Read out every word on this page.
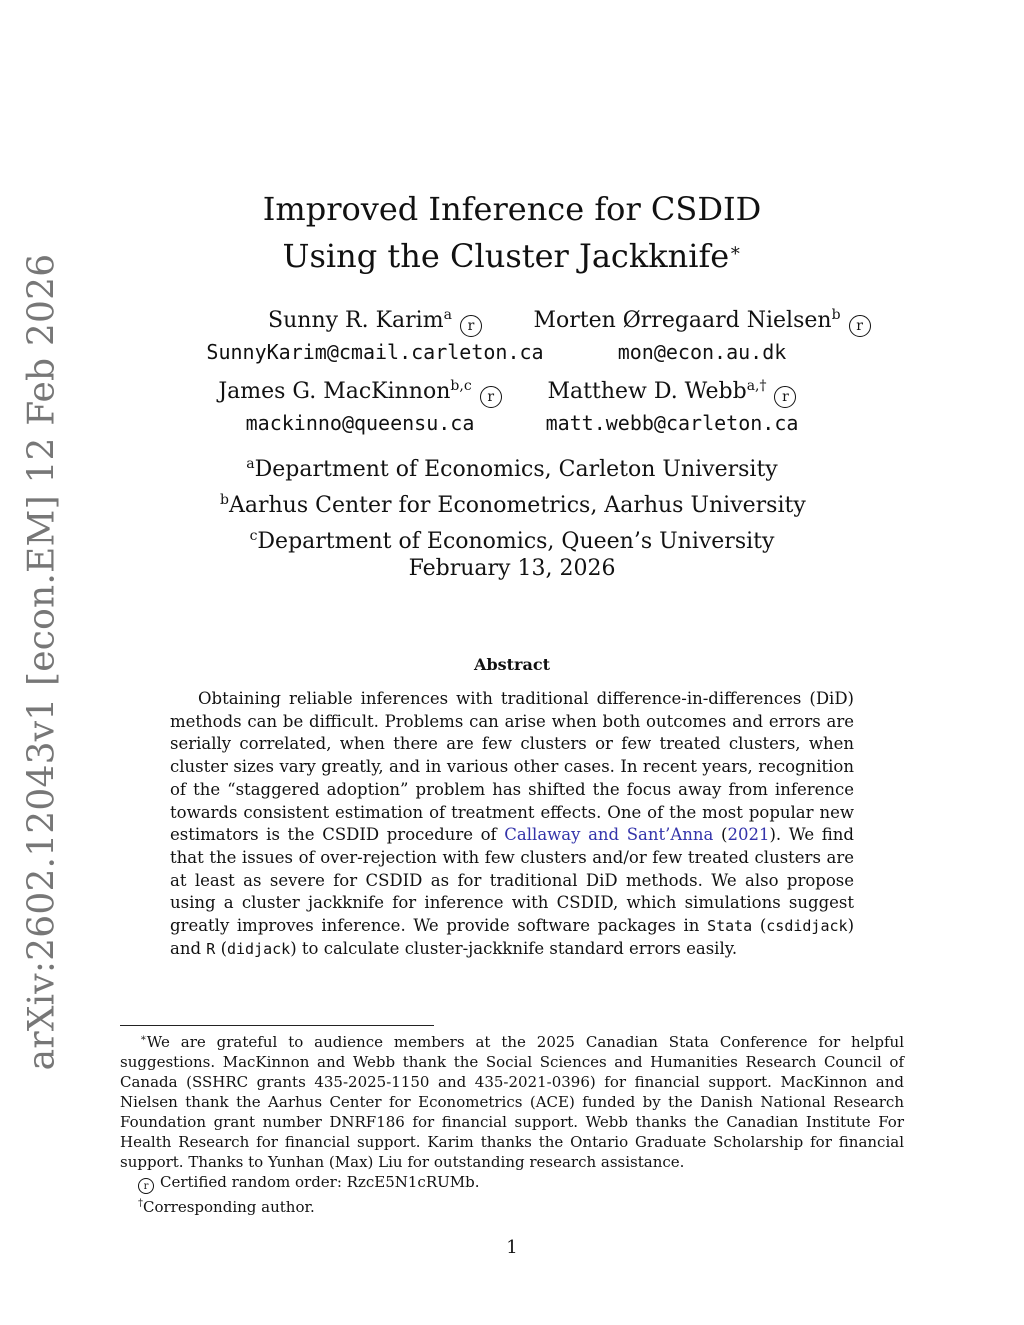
arXiv:2602.12043v1 [econ.EM] 12 Feb 2026
Improved Inference for CSDID
Using the Cluster Jackknife∗
Sunny R. Karim$^a$r
SunnyKarim@cmail.carleton.ca
Morten Ørregaard Nielsen$^b$r
mon@econ.au.dk
James G. MacKinnon$^{b,c}$r
mackinno@queensu.ca
Matthew D. Webb$^{a,\dagger}$r
matt.webb@carleton.ca
$^a$Department of Economics, Carleton University
$^b$Aarhus Center for Econometrics, Aarhus University
$^c$Department of Economics, Queen’s University
February 13, 2026
Abstract

Obtaining reliable inferences with traditional difference-in-differences (DiD) methods can be difficult. Problems can arise when both outcomes and errors are serially correlated, when there are few clusters or few treated clusters, when cluster sizes vary greatly, and in various other cases. In recent years, recognition of the “staggered adoption” problem has shifted the focus away from inference towards consistent estimation of treatment effects. One of the most popular new estimators is the CSDID procedure of Callaway and Sant’Anna (2021). We find that the issues of over-rejection with few clusters and/or few treated clusters are at least as severe for CSDID as for traditional DiD methods. We also propose using a cluster jackknife for inference with CSDID, which simulations suggest greatly improves inference. We provide software packages in Stata (csdidjack) and R (didjack) to calculate cluster-jackknife standard errors easily.

∗We are grateful to audience members at the 2025 Canadian Stata Conference for helpful suggestions. MacKinnon and Webb thank the Social Sciences and Humanities Research Council of Canada (SSHRC grants 435-2025-1150 and 435-2021-0396) for financial support. MacKinnon and Nielsen thank the Aarhus Center for Econometrics (ACE) funded by the Danish National Research Foundation grant number DNRF186 for financial support. Webb thanks the Canadian Institute For Health Research for financial support. Karim thanks the Ontario Graduate Scholarship for financial support. Thanks to Yunhan (Max) Liu for outstanding research assistance.

r Certified random order: RzcE5N1cRUMb.

†Corresponding author.

1
